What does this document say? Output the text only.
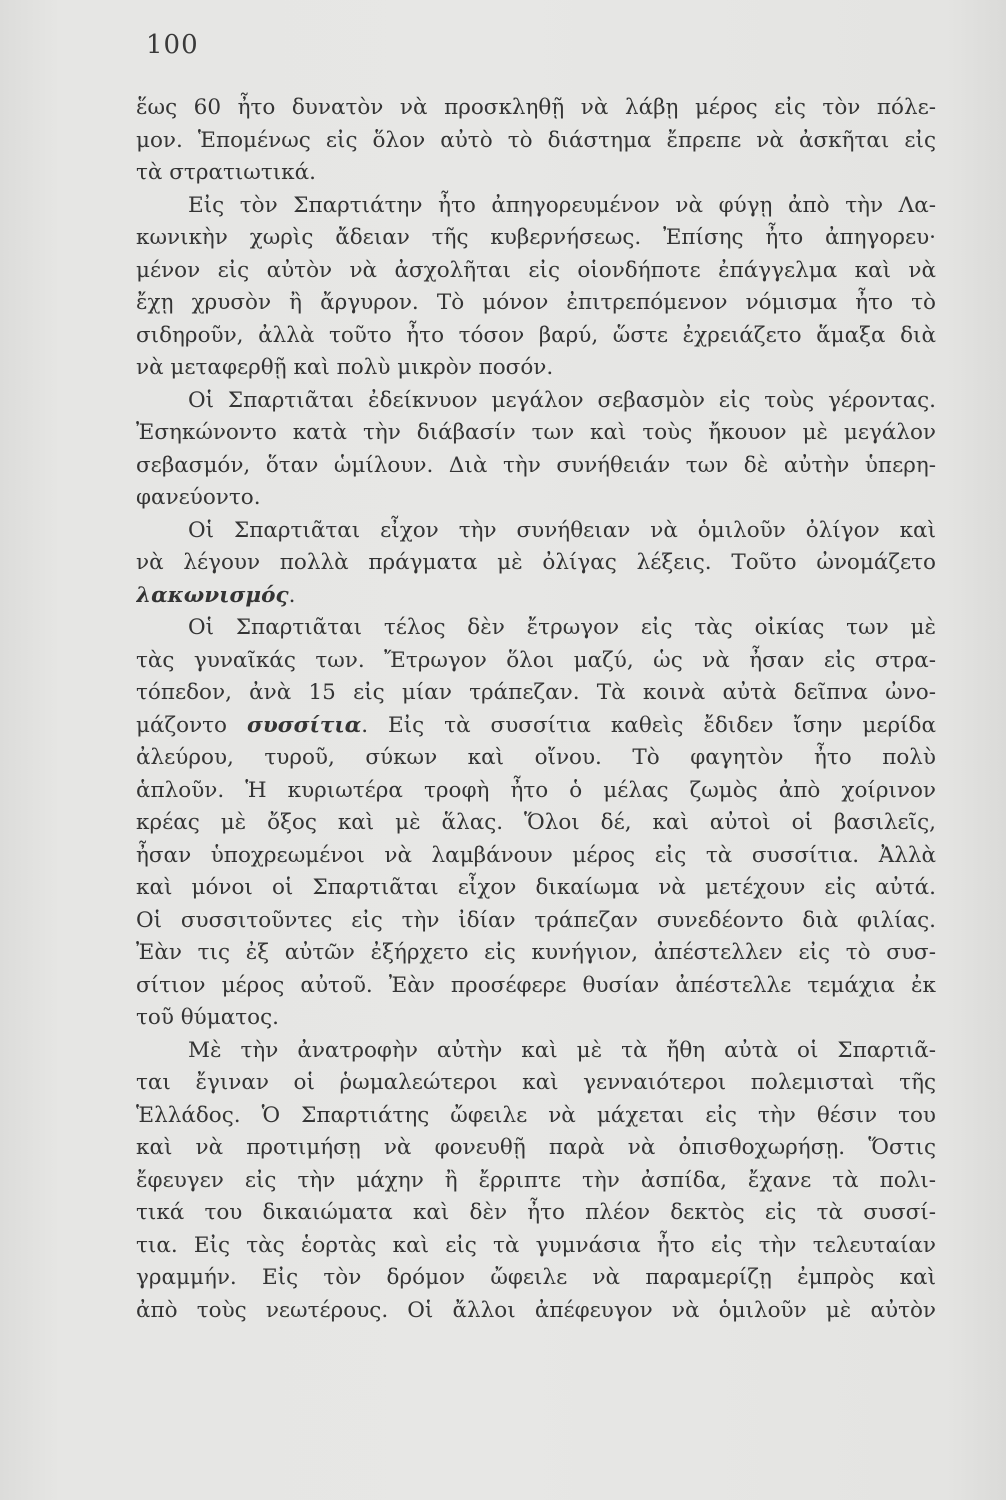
100
ἕως 60 ἦτο δυνατὸν νὰ προσκληθῇ νὰ λάβῃ μέρος εἰς τὸν πόλε-
μον. Ἑπομένως εἰς ὅλον αὐτὸ τὸ διάστημα ἔπρεπε νὰ ἀσκῆται εἰς
τὰ στρατιωτικά.
Εἰς τὸν Σπαρτιάτην ἦτο ἀπηγορευμένον νὰ φύγῃ ἀπὸ τὴν Λα-
κωνικὴν χωρὶς ἄδειαν τῆς κυβερνήσεως. Ἐπίσης ἦτο ἀπηγορευ·
μένον εἰς αὐτὸν νὰ ἀσχολῆται εἰς οἱονδήποτε ἐπάγγελμα καὶ νὰ
ἔχῃ χρυσὸν ἢ ἄργυρον. Τὸ μόνον ἐπιτρεπόμενον νόμισμα ἦτο τὸ
σιδηροῦν, ἀλλὰ τοῦτο ἦτο τόσον βαρύ, ὥστε ἐχρειάζετο ἅμαξα διὰ
νὰ μεταφερθῇ καὶ πολὺ μικρὸν ποσόν.
Οἱ Σπαρτιᾶται ἐδείκνυον μεγάλον σεβασμὸν εἰς τοὺς γέροντας.
Ἐσηκώνοντο κατὰ τὴν διάβασίν των καὶ τοὺς ἤκουον μὲ μεγάλον
σεβασμόν, ὅταν ὡμίλουν. Διὰ τὴν συνήθειάν των δὲ αὐτὴν ὑπερη-
φανεύοντο.
Οἱ Σπαρτιᾶται εἶχον τὴν συνήθειαν νὰ ὁμιλοῦν ὀλίγον καὶ
νὰ λέγουν πολλὰ πράγματα μὲ ὀλίγας λέξεις. Τοῦτο ὠνομάζετο
λακωνισμός.
Οἱ Σπαρτιᾶται τέλος δὲν ἔτρωγον εἰς τὰς οἰκίας των μὲ
τὰς γυναῖκάς των. Ἔτρωγον ὅλοι μαζύ, ὡς νὰ ἦσαν εἰς στρα-
τόπεδον, ἀνὰ 15 εἰς μίαν τράπεζαν. Τὰ κοινὰ αὐτὰ δεῖπνα ὠνο-
μάζοντο συσσίτια. Εἰς τὰ συσσίτια καθεὶς ἔδιδεν ἴσην μερίδα
ἀλεύρου, τυροῦ, σύκων καὶ οἴνου. Τὸ φαγητὸν ἦτο πολὺ
ἁπλοῦν. Ἡ κυριωτέρα τροφὴ ἦτο ὁ μέλας ζωμὸς ἀπὸ χοίρινον
κρέας μὲ ὄξος καὶ μὲ ἅλας. Ὅλοι δέ, καὶ αὐτοὶ οἱ βασιλεῖς,
ἦσαν ὑποχρεωμένοι νὰ λαμβάνουν μέρος εἰς τὰ συσσίτια. Ἀλλὰ
καὶ μόνοι οἱ Σπαρτιᾶται εἶχον δικαίωμα νὰ μετέχουν εἰς αὐτά.
Οἱ συσσιτοῦντες εἰς τὴν ἰδίαν τράπεζαν συνεδέοντο διὰ φιλίας.
Ἐὰν τις ἐξ αὐτῶν ἐξήρχετο εἰς κυνήγιον, ἀπέστελλεν εἰς τὸ συσ-
σίτιον μέρος αὐτοῦ. Ἐὰν προσέφερε θυσίαν ἀπέστελλε τεμάχια ἐκ
τοῦ θύματος.
Μὲ τὴν ἀνατροφὴν αὐτὴν καὶ μὲ τὰ ἤθη αὐτὰ οἱ Σπαρτιᾶ-
ται ἔγιναν οἱ ῥωμαλεώτεροι καὶ γενναιότεροι πολεμισταὶ τῆς
Ἑλλάδος. Ὁ Σπαρτιάτης ὤφειλε νὰ μάχεται εἰς τὴν θέσιν του
καὶ νὰ προτιμήσῃ νὰ φονευθῇ παρὰ νὰ ὀπισθοχωρήσῃ. Ὅστις
ἔφευγεν εἰς τὴν μάχην ἢ ἔρριπτε τὴν ἀσπίδα, ἔχανε τὰ πολι-
τικά του δικαιώματα καὶ δὲν ἦτο πλέον δεκτὸς εἰς τὰ συσσί-
τια. Εἰς τὰς ἑορτὰς καὶ εἰς τὰ γυμνάσια ἦτο εἰς τὴν τελευταίαν
γραμμήν. Εἰς τὸν δρόμον ὤφειλε νὰ παραμερίζῃ ἐμπρὸς καὶ
ἀπὸ τοὺς νεωτέρους. Οἱ ἄλλοι ἀπέφευγον νὰ ὁμιλοῦν μὲ αὐτὸν
